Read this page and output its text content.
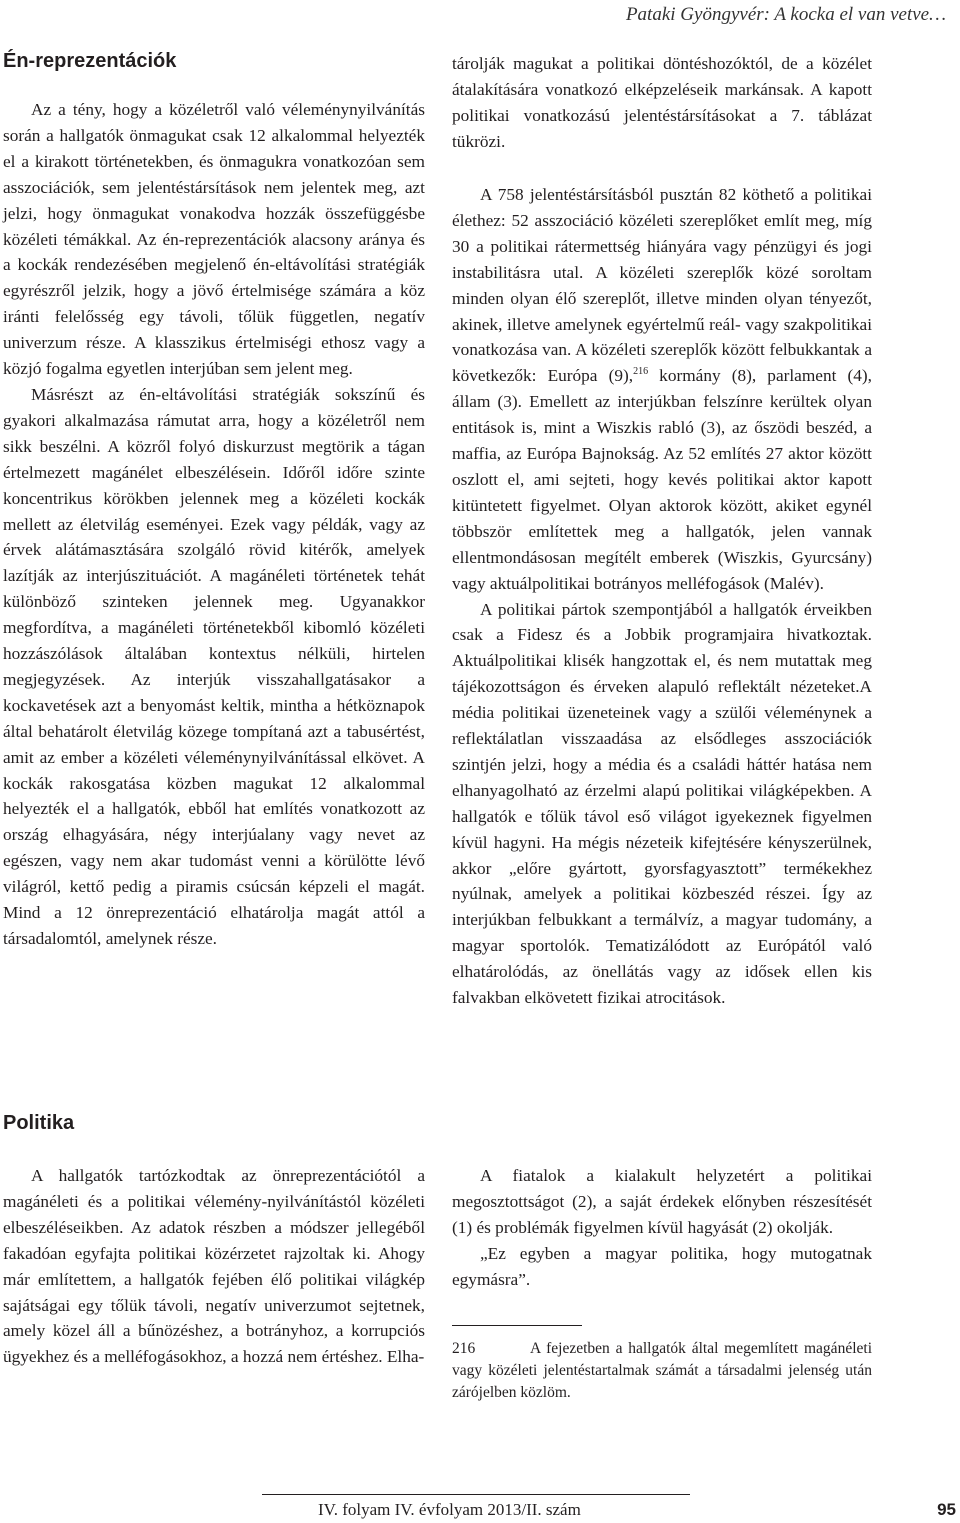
Pataki Gyöngyvér: A kocka el van vetve…
Én-reprezentációk

Az a tény, hogy a közéletről való véleménynyilvánítás során a hallgatók önmagukat csak 12 alkalommal helyezték el a kirakott történetekben, és önmagukra vonatkozóan sem asszociációk, sem jelentéstársítások nem jelentek meg, azt jelzi, hogy önmagukat vonakodva hozzák összefüggésbe közéleti témákkal. Az én-reprezentációk alacsony aránya és a kockák rendezésében megjelenő én-eltávolítási stratégiák egyrészről jelzik, hogy a jövő értelmisége számára a köz iránti felelősség egy távoli, tőlük független, negatív univerzum része. A klasszikus értelmiségi ethosz vagy a közjó fogalma egyetlen interjúban sem jelent meg.

Másrészt az én-eltávolítási stratégiák sokszínű és gyakori alkalmazása rámutat arra, hogy a közéletről nem sikk beszélni. A közről folyó diskurzust megtörik a tágan értelmezett magánélet elbeszélésein. Időről időre szinte koncentrikus körökben jelennek meg a közéleti kockák mellett az életvilág eseményei. Ezek vagy példák, vagy az érvek alátámasztására szolgáló rövid kitérők, amelyek lazítják az interjúszituációt. A magánéleti történetek tehát különböző szinteken jelennek meg. Ugyanakkor megfordítva, a magánéleti történetekből kibomló közéleti hozzászólások általában kontextus nélküli, hirtelen megjegyzések. Az interjúk visszahallgatásakor a kockavetések azt a benyomást keltik, mintha a hétköznapok által behatárolt életvilág közege tompítaná azt a tabusértést, amit az ember a közéleti véleménynyilvánítással elkövet. A kockák rakosgatása közben magukat 12 alkalommal helyezték el a hallgatók, ebből hat említés vonatkozott az ország elhagyására, négy interjúalany vagy nevet az egészen, vagy nem akar tudomást venni a körülötte lévő világról, kettő pedig a piramis csúcsán képzeli el magát. Mind a 12 önreprezentáció elhatárolja magát attól a társadalomtól, amelynek része.

Politika

A hallgatók tartózkodtak az önreprezentációtól a magánéleti és a politikai vélemény-nyilvánítástól közéleti elbeszéléseikben. Az adatok részben a módszer jellegéből fakadóan egyfajta politikai közérzetet rajzoltak ki. Ahogy már említettem, a hallgatók fejében élő politikai világkép sajátságai egy tőlük távoli, negatív univerzumot sejtetnek, amely közel áll a bűnözéshez, a botrányhoz, a korrupciós ügyekhez és a melléfogásokhoz, a hozzá nem értéshez. Elha-

tárolják magukat a politikai döntéshozóktól, de a közélet átalakítására vonatkozó elképzeléseik markánsak. A kapott politikai vonatkozású jelentéstársításokat a 7. táblázat tükrözi.

A 758 jelentéstársításból pusztán 82 köthető a politikai élethez: 52 asszociáció közéleti szereplőket említ meg, míg 30 a politikai rátermettség hiányára vagy pénzügyi és jogi instabilitásra utal. A közéleti szereplők közé soroltam minden olyan élő szereplőt, illetve minden olyan tényezőt, akinek, illetve amelynek egyértelmű reál- vagy szakpolitikai vonatkozása van. A közéleti szereplők között felbukkantak a következők: Európa (9),$^{216}$ kormány (8), parlament (4), állam (3). Emellett az interjúkban felszínre kerültek olyan entitások is, mint a Wiszkis rabló (3), az őszödi beszéd, a maffia, az Európa Bajnokság. Az 52 említés 27 aktor között oszlott el, ami sejteti, hogy kevés politikai aktor kapott kitüntetett figyelmet. Olyan aktorok között, akiket egynél többször említettek meg a hallgatók, jelen vannak ellentmondásosan megítélt emberek (Wiszkis, Gyurcsány) vagy aktuálpolitikai botrányos melléfogások (Malév).

A politikai pártok szempontjából a hallgatók érveikben csak a Fidesz és a Jobbik programjaira hivatkoztak. Aktuálpolitikai klisék hangzottak el, és nem mutattak meg tájékozottságon és érveken alapuló reflektált nézeteket.A média politikai üzeneteinek vagy a szülői véleménynek a reflektálatlan visszaadása az elsődleges asszociációk szintjén jelzi, hogy a média és a családi háttér hatása nem elhanyagolható az érzelmi alapú politikai világképekben. A hallgatók e tőlük távol eső világot igyekeznek figyelmen kívül hagyni. Ha mégis nézeteik kifejtésére kényszerülnek, akkor „előre gyártott, gyorsfagyasztott” termékekhez nyúlnak, amelyek a politikai közbeszéd részei. Így az interjúkban felbukkant a termálvíz, a magyar tudomány, a magyar sportolók. Tematizálódott az Európától való elhatárolódás, az önellátás vagy az idősek ellen kis falvakban elkövetett fizikai atrocitások.

A fiatalok a kialakult helyzetért a politikai megosztottságot (2), a saját érdekek előnyben részesítését (1) és problémák figyelmen kívül hagyását (2) okolják.

„Ez egyben a magyar politika, hogy mutogatnak egymásra”.

216	A fejezetben a hallgatók által megemlített magánéleti vagy közéleti jelentéstartalmak számát a társadalmi jelenség után zárójelben közlöm.
IV. folyam IV. évfolyam 2013/II. szám	95
